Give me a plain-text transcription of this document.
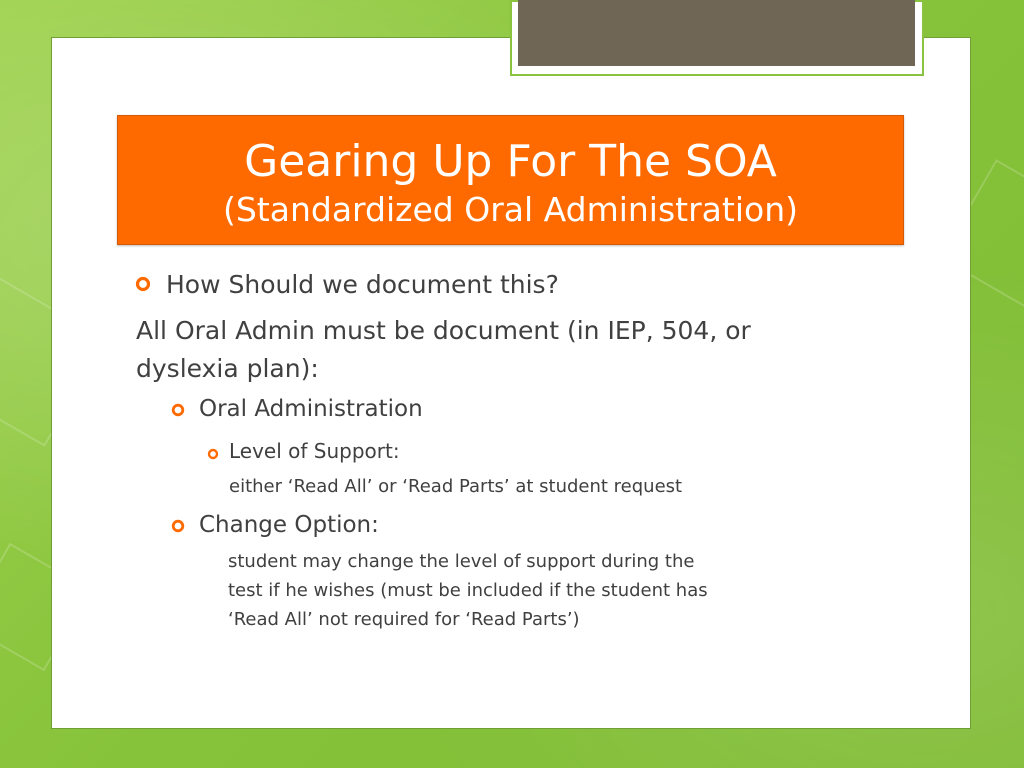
Gearing Up For The SOA
(Standardized Oral Administration)
How Should we document this?
All Oral Admin must be document (in IEP, 504, or
dyslexia plan):
Oral Administration
Level of Support:
either ‘Read All’ or ‘Read Parts’ at student request
Change Option:
student may change the level of support during the
test if he wishes (must be included if the student has
‘Read All’ not required for ‘Read Parts’)
